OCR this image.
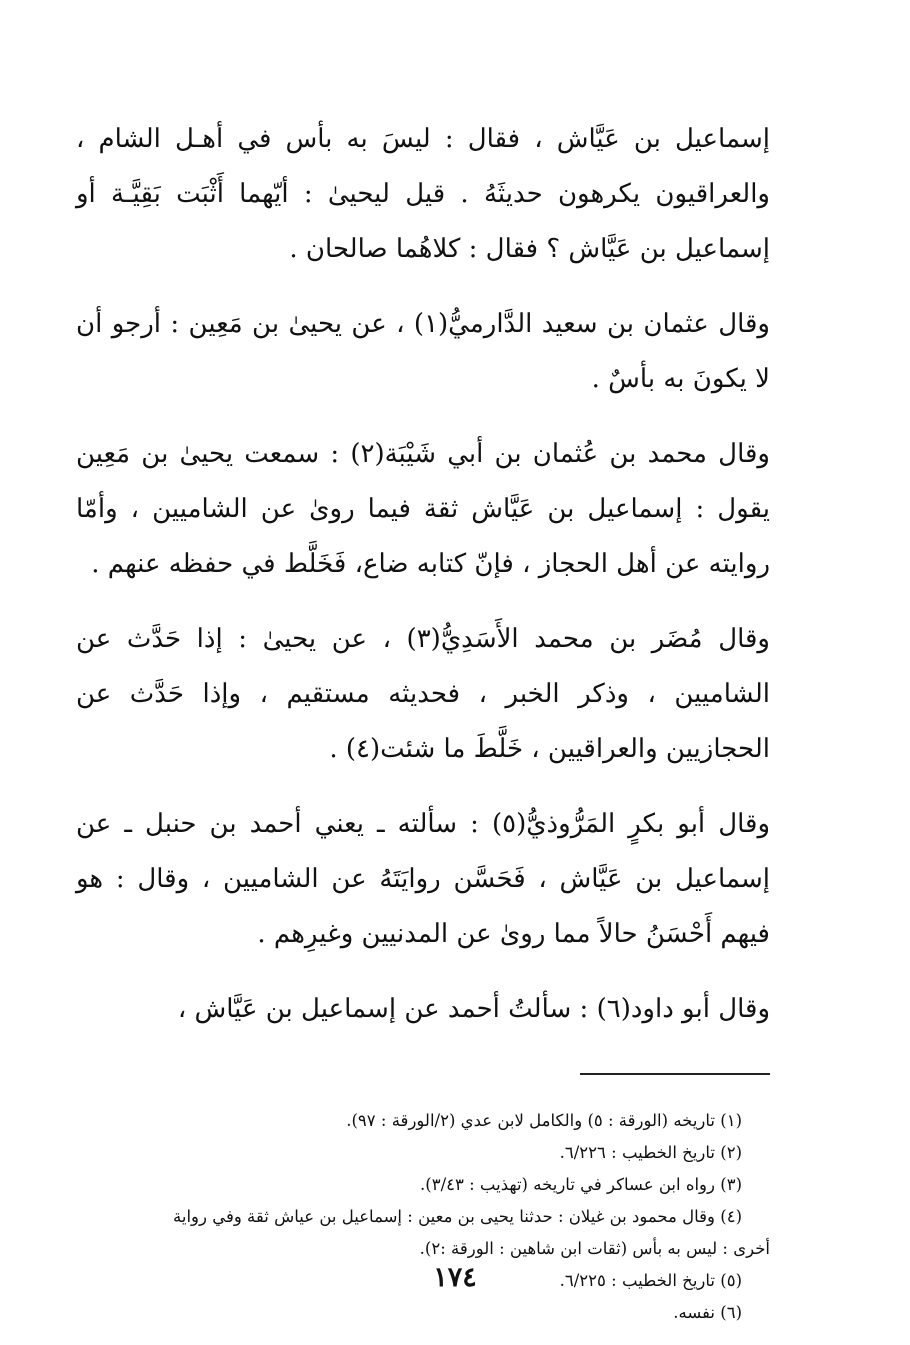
إسماعيل بن عَيَّاش ، فقال : ليسَ به بأس في أهـل الشام ، والعراقيون يكرهون حديثَهُ . قيل ليحيىٰ : أيّهما أَثْبَت بَقِيَّـة أو إسماعيل بن عَيَّاش ؟ فقال : كلاهُما صالحان .

وقال عثمان بن سعيد الدَّارميُّ(١) ، عن يحيىٰ بن مَعِين : أرجو أن لا يكونَ به بأسٌ .

وقال محمد بن عُثمان بن أبي شَيْبَة(٢) : سمعت يحيىٰ بن مَعِين يقول : إسماعيل بن عَيَّاش ثقة فيما روىٰ عن الشاميين ، وأمّا روايته عن أهل الحجاز ، فإنّ كتابه ضاع، فَخَلَّط في حفظه عنهم .

وقال مُضَر بن محمد الأَسَدِيُّ(٣) ، عن يحيىٰ : إذا حَدَّث عن الشاميين ، وذكر الخبر ، فحديثه مستقيم ، وإذا حَدَّث عن الحجازيين والعراقيين ، خَلَّطَ ما شئت(٤) .

وقال أبو بكرٍ المَرُّوذيُّ(٥) : سألته ـ يعني أحمد بن حنبل ـ عن إسماعيل بن عَيَّاش ، فَحَسَّن روايَتَهُ عن الشاميين ، وقال : هو فيهم أَحْسَنُ حالاً مما روىٰ عن المدنيين وغيرِهم .

وقال أبو داود(٦) : سألتُ أحمد عن إسماعيل بن عَيَّاش ،

(١) تاريخه (الورقة : ٥) والكامل لابن عدي (٢/الورقة : ٩٧).

(٢) تاريخ الخطيب : ٦/٢٢٦.

(٣) رواه ابن عساكر في تاريخه (تهذيب : ٣/٤٣).

(٤) وقال محمود بن غيلان : حدثنا يحيى بن معين : إسماعيل بن عياش ثقة وفي رواية

أخرى : ليس به بأس (ثقات ابن شاهين : الورقة :٢).

(٥) تاريخ الخطيب : ٦/٢٢٥.

(٦) نفسه.

١٧٤
